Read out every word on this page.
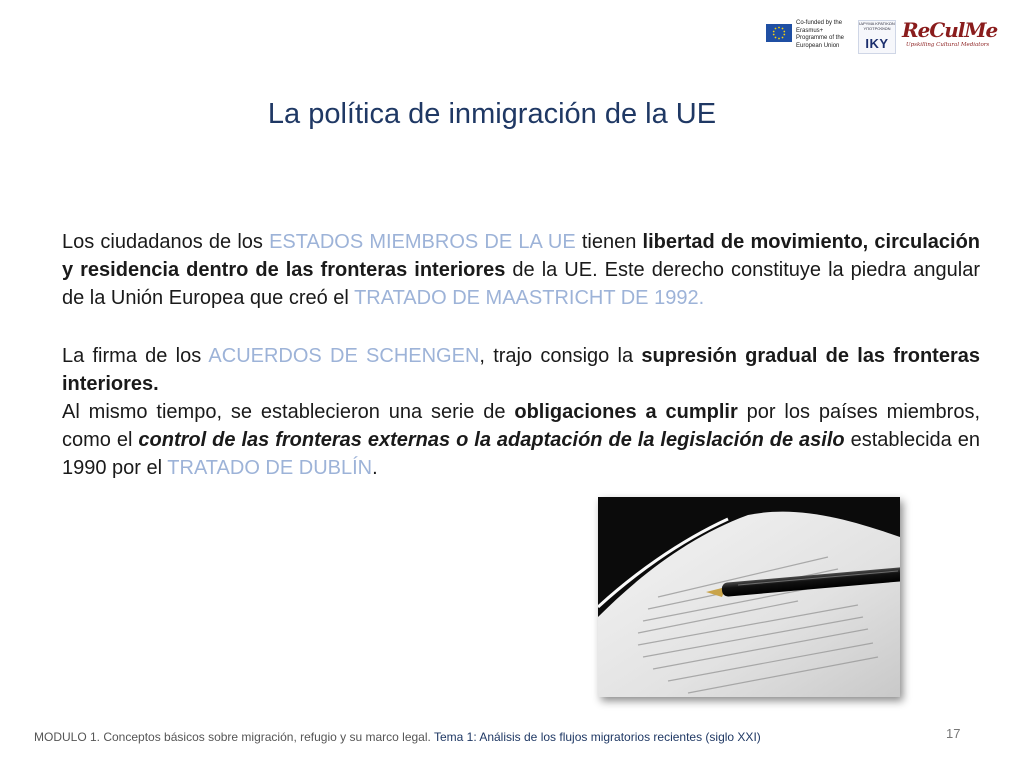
Co-funded by the Erasmus+ Programme of the European Union
ΙΔΡΥΜΑ ΚΡΑΤΙΚΩΝ ΥΠΟΤΡΟΦΙΩΝ
IKY
ReCulMe
Upskilling Cultural Mediators
La política de inmigración de la UE

Los ciudadanos de los ESTADOS MIEMBROS DE LA UE tienen libertad de movimiento, circulación y residencia dentro de las fronteras interiores de la UE. Este derecho constituye la piedra angular de la Unión Europea que creó el TRATADO DE MAASTRICHT DE 1992.

La firma de los ACUERDOS DE SCHENGEN, trajo consigo la supresión gradual de las fronteras interiores.

Al mismo tiempo, se establecieron una serie de obligaciones a cumplir por los países miembros, como el control de las fronteras externas o la adaptación de la legislación de asilo establecida en 1990 por el TRATADO DE DUBLÍN.

MODULO 1. Conceptos básicos sobre migración, refugio y su marco legal. Tema 1: Análisis de los flujos migratorios recientes (siglo XXI)	17
